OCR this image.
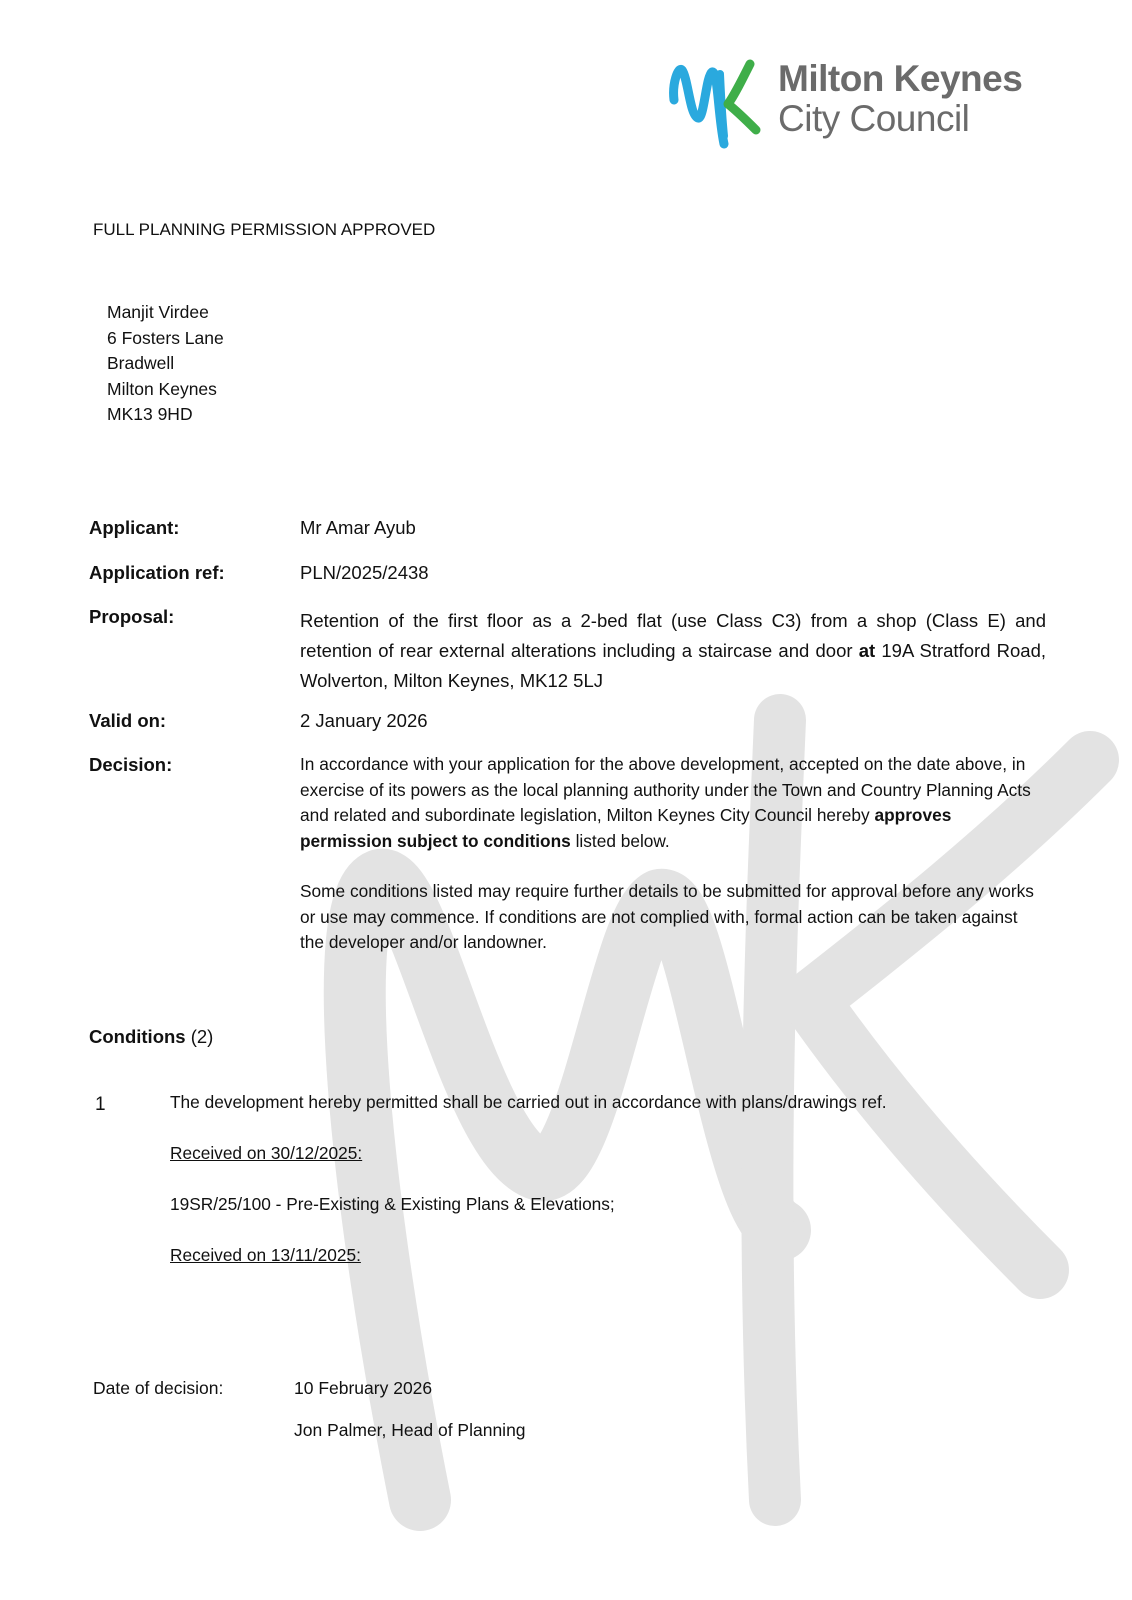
Milton Keynes
City Council
FULL PLANNING PERMISSION APPROVED
Manjit Virdee
6 Fosters Lane
Bradwell
Milton Keynes
MK13 9HD
Applicant:	Mr Amar Ayub
Application ref:	PLN/2025/2438
Proposal:	Retention of the first floor as a 2-bed flat (use Class C3) from a shop (Class E) and retention of rear external alterations including a staircase and door at 19A Stratford Road, Wolverton, Milton Keynes, MK12 5LJ
Valid on:	2 January 2026
Decision:	In accordance with your application for the above development, accepted on the date above, in exercise of its powers as the local planning authority under the Town and Country Planning Acts and related and subordinate legislation, Milton Keynes City Council hereby approves permission subject to conditions listed below.

Some conditions listed may require further details to be submitted for approval before any works or use may commence. If conditions are not complied with, formal action can be taken against the developer and/or landowner.

Conditions (2)
1	The development hereby permitted shall be carried out in accordance with plans/drawings ref.
Received on 30/12/2025:
19SR/25/100 - Pre-Existing & Existing Plans & Elevations;
Received on 13/11/2025:
Date of decision:	10 February 2026
Jon Palmer, Head of Planning
